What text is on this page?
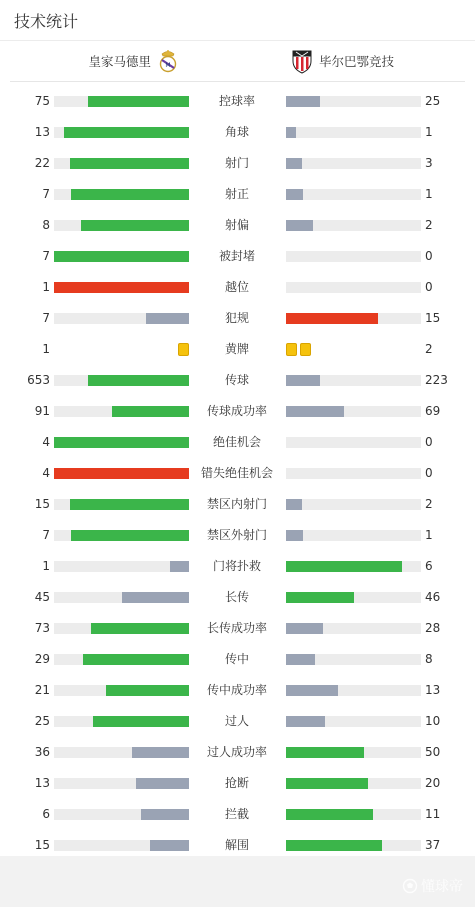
技术统计
皇家马德里 M	毕尔巴鄂竞技
75	控球率	25
13	角球	1
22	射门	3
7	射正	1
8	射偏	2
7	被封堵	0
1	越位	0
7	犯规	15
1	黄牌	2
653	传球	223
91	传球成功率	69
4	绝佳机会	0
4	错失绝佳机会	0
15	禁区内射门	2
7	禁区外射门	1
1	门将扑救	6
45	长传	46
73	长传成功率	28
29	传中	8
21	传中成功率	13
25	过人	10
36	过人成功率	50
13	抢断	20
6	拦截	11
15	解围	37
懂球帝
